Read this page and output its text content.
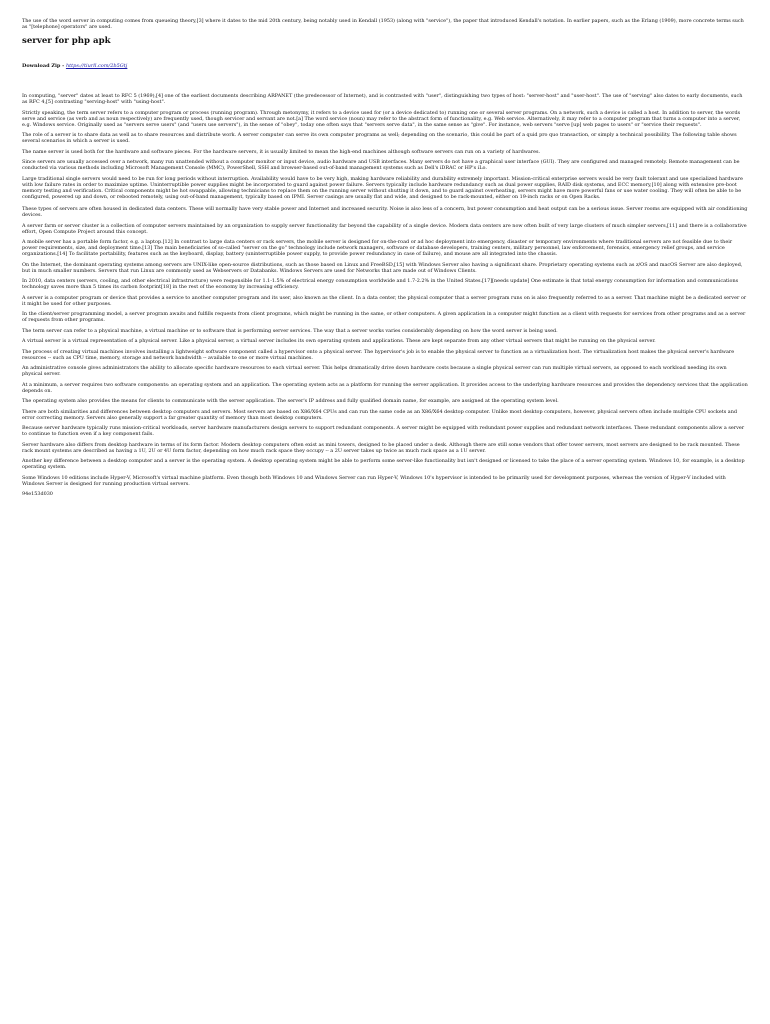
The use of the word server in computing comes from queueing theory,[3] where it dates to the mid 20th century, being notably used in Kendall (1953) (along with "service"), the paper that introduced Kendall's notation. In earlier papers, such as the Erlang (1909), more concrete terms such as "[telephone] operators" are used.

server for php apk
Download Zip - https://tiurll.com/2b5Gtj

In computing, "server" dates at least to RFC 5 (1969),[4] one of the earliest documents describing ARPANET (the predecessor of Internet), and is contrasted with "user", distinguishing two types of host: "server-host" and "user-host". The use of "serving" also dates to early documents, such as RFC 4,[5] contrasting "serving-host" with "using-host".

Strictly speaking, the term server refers to a computer program or process (running program). Through metonymy, it refers to a device used for (or a device dedicated to) running one or several server programs. On a network, such a device is called a host. In addition to server, the words serve and service (as verb and as noun respectively) are frequently used, though servicer and servant are not.[a] The word service (noun) may refer to the abstract form of functionality, e.g. Web service. Alternatively, it may refer to a computer program that turns a computer into a server, e.g. Windows service. Originally used as "servers serve users" (and "users use servers"), in the sense of "obey", today one often says that "servers serve data", in the same sense as "give". For instance, web servers "serve [up] web pages to users" or "service their requests".

The role of a server is to share data as well as to share resources and distribute work. A server computer can serve its own computer programs as well; depending on the scenario, this could be part of a quid pro quo transaction, or simply a technical possibility. The following table shows several scenarios in which a server is used.

The name server is used both for the hardware and software pieces. For the hardware servers, it is usually limited to mean the high-end machines although software servers can run on a variety of hardwares.

Since servers are usually accessed over a network, many run unattended without a computer monitor or input device, audio hardware and USB interfaces. Many servers do not have a graphical user interface (GUI). They are configured and managed remotely. Remote management can be conducted via various methods including Microsoft Management Console (MMC), PowerShell, SSH and browser-based out-of-band management systems such as Dell's iDRAC or HP's iLo.

Large traditional single servers would need to be run for long periods without interruption. Availability would have to be very high, making hardware reliability and durability extremely important. Mission-critical enterprise servers would be very fault tolerant and use specialized hardware with low failure rates in order to maximize uptime. Uninterruptible power supplies might be incorporated to guard against power failure. Servers typically include hardware redundancy such as dual power supplies, RAID disk systems, and ECC memory,[10] along with extensive pre-boot memory testing and verification. Critical components might be hot swappable, allowing technicians to replace them on the running server without shutting it down, and to guard against overheating, servers might have more powerful fans or use water cooling. They will often be able to be configured, powered up and down, or rebooted remotely, using out-of-band management, typically based on IPMI. Server casings are usually flat and wide, and designed to be rack-mounted, either on 19-inch racks or on Open Racks.

These types of servers are often housed in dedicated data centers. These will normally have very stable power and Internet and increased security. Noise is also less of a concern, but power consumption and heat output can be a serious issue. Server rooms are equipped with air conditioning devices.

A server farm or server cluster is a collection of computer servers maintained by an organization to supply server functionality far beyond the capability of a single device. Modern data centers are now often built of very large clusters of much simpler servers,[11] and there is a collaborative effort, Open Compute Project around this concept.

A mobile server has a portable form factor, e.g. a laptop.[12] In contrast to large data centers or rack servers, the mobile server is designed for on-the-road or ad hoc deployment into emergency, disaster or temporary environments where traditional servers are not feasible due to their power requirements, size, and deployment time.[13] The main beneficiaries of so-called "server on the go" technology include network managers, software or database developers, training centers, military personnel, law enforcement, forensics, emergency relief groups, and service organizations.[14] To facilitate portability, features such as the keyboard, display, battery (uninterruptible power supply, to provide power redundancy in case of failure), and mouse are all integrated into the chassis.

On the Internet, the dominant operating systems among servers are UNIX-like open-source distributions, such as those based on Linux and FreeBSD,[15] with Windows Server also having a significant share. Proprietary operating systems such as z/OS and macOS Server are also deployed, but in much smaller numbers. Servers that run Linux are commonly used as Webservers or Databanks. Windows Servers are used for Networks that are made out of Windows Clients.

In 2010, data centers (servers, cooling, and other electrical infrastructure) were responsible for 1.1-1.5% of electrical energy consumption worldwide and 1.7-2.2% in the United States.[17][needs update] One estimate is that total energy consumption for information and communications technology saves more than 5 times its carbon footprint[18] in the rest of the economy by increasing efficiency.

A server is a computer program or device that provides a service to another computer program and its user, also known as the client. In a data center, the physical computer that a server program runs on is also frequently referred to as a server. That machine might be a dedicated server or it might be used for other purposes.

In the client/server programming model, a server program awaits and fulfills requests from client programs, which might be running in the same, or other computers. A given application in a computer might function as a client with requests for services from other programs and as a server of requests from other programs.

The term server can refer to a physical machine, a virtual machine or to software that is performing server services. The way that a server works varies considerably depending on how the word server is being used.

A virtual server is a virtual representation of a physical server. Like a physical server, a virtual server includes its own operating system and applications. These are kept separate from any other virtual servers that might be running on the physical server.

The process of creating virtual machines involves installing a lightweight software component called a hypervisor onto a physical server. The hypervisor's job is to enable the physical server to function as a virtualization host. The virtualization host makes the physical server's hardware resources -- such as CPU time, memory, storage and network bandwidth -- available to one or more virtual machines.

An administrative console gives administrators the ability to allocate specific hardware resources to each virtual server. This helps dramatically drive down hardware costs because a single physical server can run multiple virtual servers, as opposed to each workload needing its own physical server.

At a minimum, a server requires two software components: an operating system and an application. The operating system acts as a platform for running the server application. It provides access to the underlying hardware resources and provides the dependency services that the application depends on.

The operating system also provides the means for clients to communicate with the server application. The server's IP address and fully qualified domain name, for example, are assigned at the operating system level.

There are both similarities and differences between desktop computers and servers. Most servers are based on X86/X64 CPUs and can run the same code as an X86/X64 desktop computer. Unlike most desktop computers, however, physical servers often include multiple CPU sockets and error correcting memory. Servers also generally support a far greater quantity of memory than most desktop computers.

Because server hardware typically runs mission-critical workloads, server hardware manufacturers design servers to support redundant components. A server might be equipped with redundant power supplies and redundant network interfaces. These redundant components allow a server to continue to function even if a key component fails.

Server hardware also differs from desktop hardware in terms of its form factor. Modern desktop computers often exist as mini towers, designed to be placed under a desk. Although there are still some vendors that offer tower servers, most servers are designed to be rack mounted. These rack mount systems are described as having a 1U, 2U or 4U form factor, depending on how much rack space they occupy -- a 2U server takes up twice as much rack space as a 1U server.

Another key difference between a desktop computer and a server is the operating system. A desktop operating system might be able to perform some server-like functionality but isn't designed or licensed to take the place of a server operating system. Windows 10, for example, is a desktop operating system.

Some Windows 10 editions include Hyper-V, Microsoft's virtual machine platform. Even though both Windows 10 and Windows Server can run Hyper-V, Windows 10's hypervisor is intended to be primarily used for development purposes, whereas the version of Hyper-V included with Windows Server is designed for running production virtual servers.

94e153d030
